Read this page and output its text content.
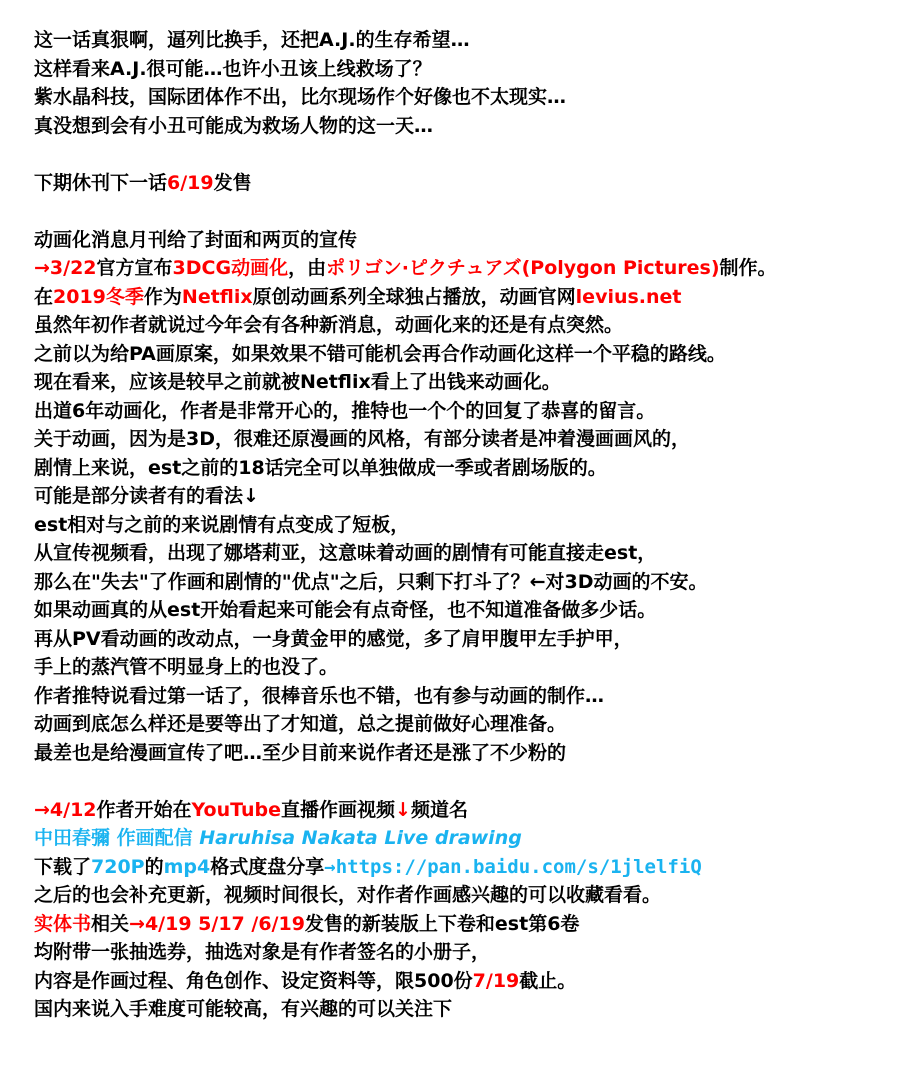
这一话真狠啊，逼列比换手，还把A.J.的生存希望…
这样看来A.J.很可能…也许小丑该上线救场了？
紫水晶科技，国际团体作不出，比尔现场作个好像也不太现实…
真没想到会有小丑可能成为救场人物的这一天…
下期休刊下一话6/19发售
动画化消息月刊给了封面和两页的宣传
→3/22官方宣布3DCG动画化，由ポリゴン·ピクチュアズ(Polygon Pictures)制作。
在2019冬季作为Netflix原创动画系列全球独占播放，动画官网levius.net
虽然年初作者就说过今年会有各种新消息，动画化来的还是有点突然。
之前以为给PA画原案，如果效果不错可能机会再合作动画化这样一个平稳的路线。
现在看来，应该是较早之前就被Netflix看上了出钱来动画化。
出道6年动画化，作者是非常开心的，推特也一个个的回复了恭喜的留言。
关于动画，因为是3D，很难还原漫画的风格，有部分读者是冲着漫画画风的，
剧情上来说，est之前的18话完全可以单独做成一季或者剧场版的。
可能是部分读者有的看法↓
est相对与之前的来说剧情有点变成了短板，
从宣传视频看，出现了娜塔莉亚，这意味着动画的剧情有可能直接走est，
那么在"失去"了作画和剧情的"优点"之后，只剩下打斗了？←对3D动画的不安。
如果动画真的从est开始看起来可能会有点奇怪，也不知道准备做多少话。
再从PV看动画的改动点，一身黄金甲的感觉，多了肩甲腹甲左手护甲，
手上的蒸汽管不明显身上的也没了。
作者推特说看过第一话了，很棒音乐也不错，也有参与动画的制作…
动画到底怎么样还是要等出了才知道，总之提前做好心理准备。
最差也是给漫画宣传了吧…至少目前来说作者还是涨了不少粉的
→4/12作者开始在YouTube直播作画视频↓频道名
中田春彌 作画配信 Haruhisa Nakata Live drawing
下载了720P的mp4格式度盘分享→https://pan.baidu.com/s/1jlelfiQ
之后的也会补充更新，视频时间很长，对作者作画感兴趣的可以收藏看看。
实体书相关→4/19 5/17 /6/19发售的新装版上下卷和est第6卷
均附带一张抽选券，抽选对象是有作者签名的小册子，
内容是作画过程、角色创作、设定资料等，限500份7/19截止。
国内来说入手难度可能较高，有兴趣的可以关注下
